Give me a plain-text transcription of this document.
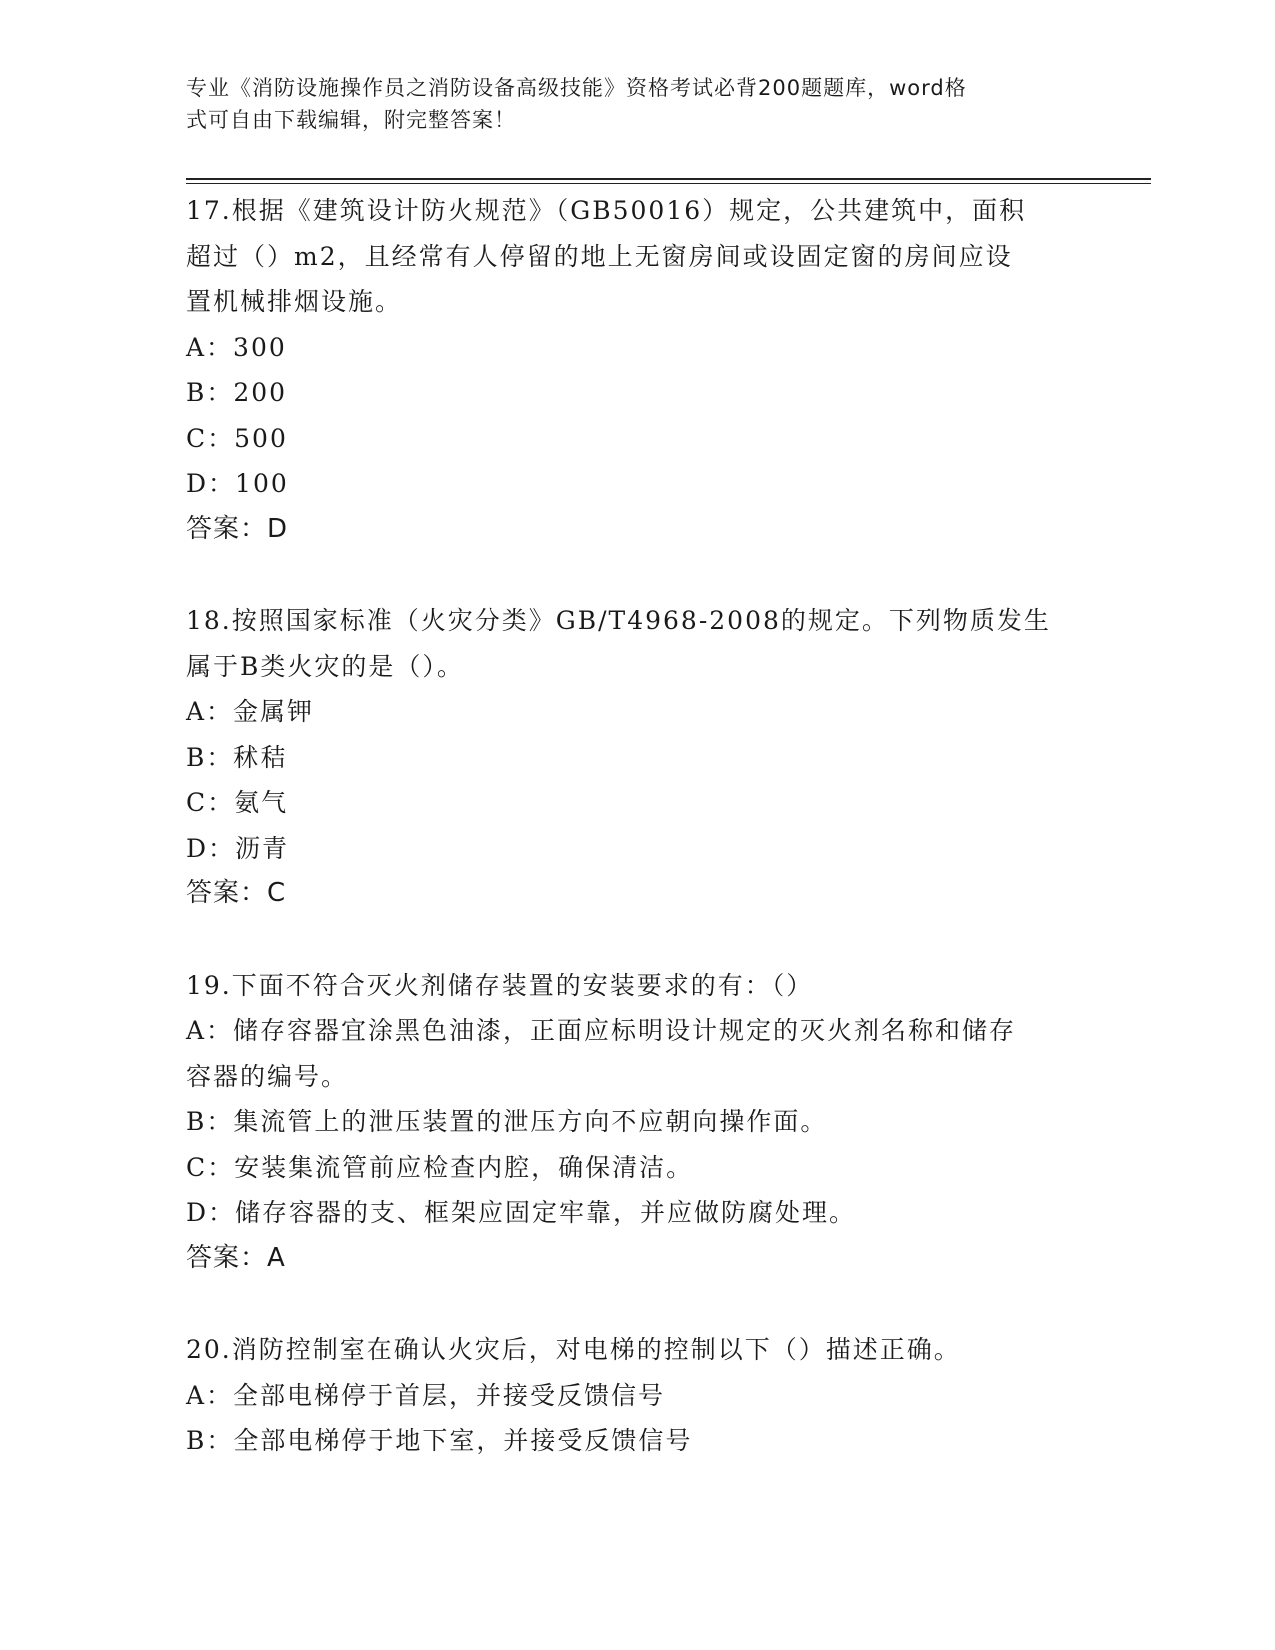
专业《消防设施操作员之消防设备高级技能》资格考试必背200题题库，word格
式可自由下载编辑，附完整答案！
17.根据《建筑设计防火规范》（GB50016）规定，公共建筑中，面积
超过（）m2，且经常有人停留的地上无窗房间或设固定窗的房间应设
置机械排烟设施。
A：300
B：200
C：500
D：100
答案：D
18.按照国家标准（火灾分类》GB/T4968-2008的规定。下列物质发生
属于B类火灾的是（）。
A：金属钾
B：秫秸
C：氨气
D：沥青
答案：C
19.下面不符合灭火剂储存装置的安装要求的有：（）
A：储存容器宜涂黑色油漆，正面应标明设计规定的灭火剂名称和储存
容器的编号。
B：集流管上的泄压装置的泄压方向不应朝向操作面。
C：安装集流管前应检查内腔，确保清洁。
D：储存容器的支、框架应固定牢靠，并应做防腐处理。
答案：A
20.消防控制室在确认火灾后，对电梯的控制以下（）描述正确。
A：全部电梯停于首层，并接受反馈信号
B：全部电梯停于地下室，并接受反馈信号
